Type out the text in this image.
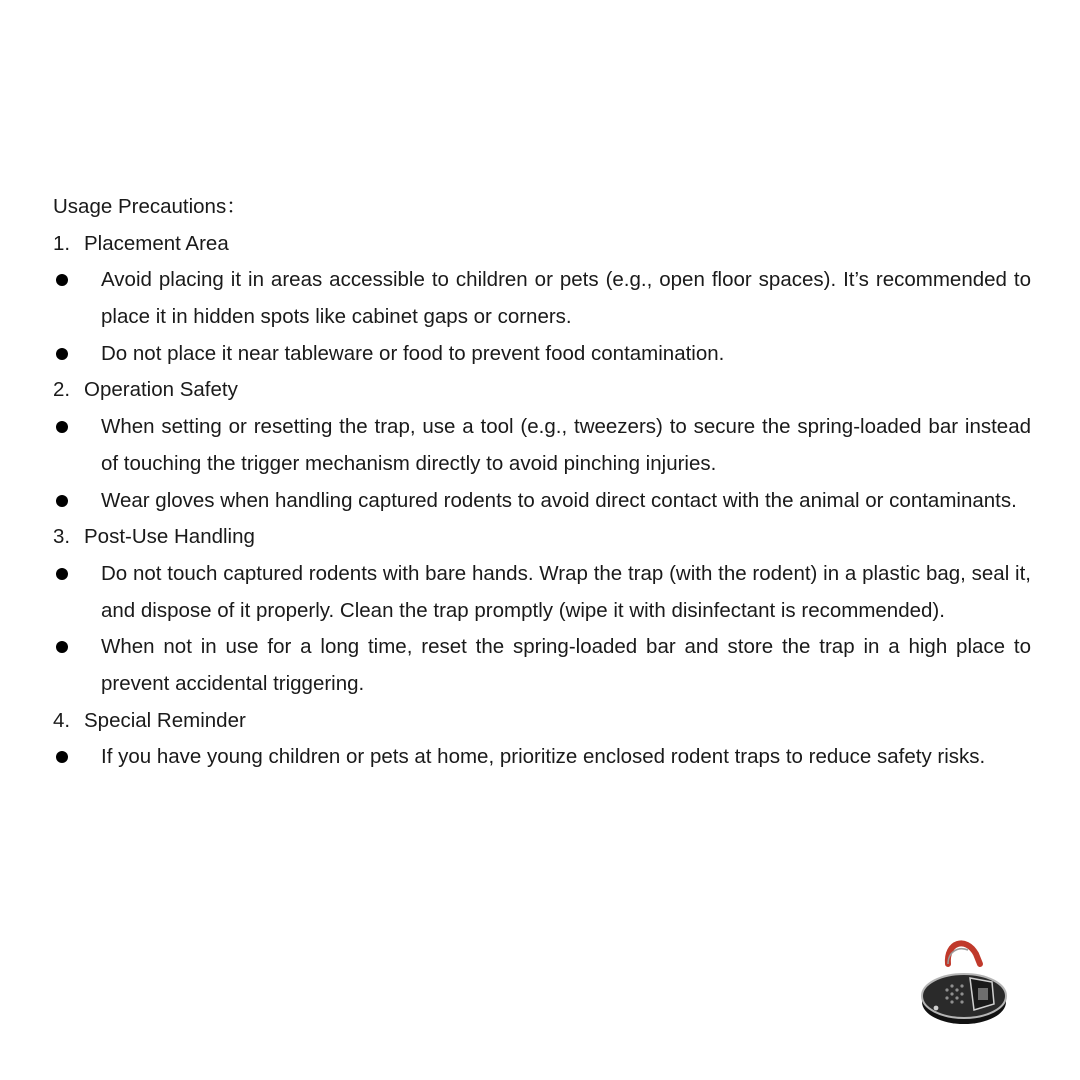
Usage Precautions：
1. Placement Area
Avoid placing it in areas accessible to children or pets (e.g., open floor spaces). It’s recommended to place it in hidden spots like cabinet gaps or corners.
Do not place it near tableware or food to prevent food contamination.
2. Operation Safety
When setting or resetting the trap, use a tool (e.g., tweezers) to secure the spring-loaded bar instead of touching the trigger mechanism directly to avoid pinching injuries.
Wear gloves when handling captured rodents to avoid direct contact with the animal or contaminants.
3. Post-Use Handling
Do not touch captured rodents with bare hands. Wrap the trap (with the rodent) in a plastic bag, seal it, and dispose of it properly. Clean the trap promptly (wipe it with disinfectant is recommended).
When not in use for a long time, reset the spring-loaded bar and store the trap in a high place to prevent accidental triggering.
4. Special Reminder
If you have young children or pets at home, prioritize enclosed rodent traps to reduce safety risks.
